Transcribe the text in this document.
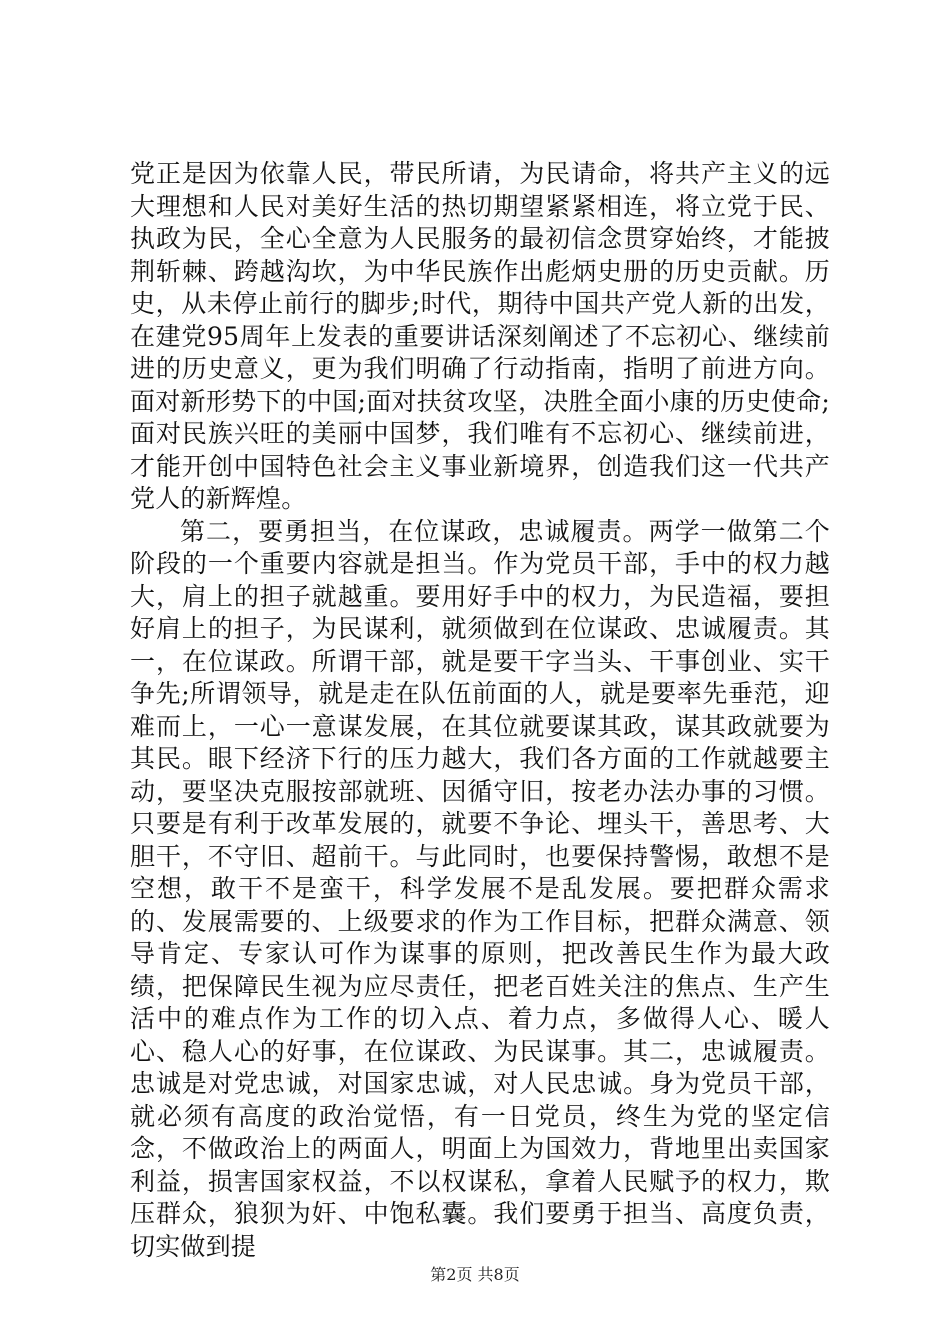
党正是因为依靠人民，带民所请，为民请命，将共产主义的远大理想和人民对美好生活的热切期望紧紧相连，将立党于民、执政为民，全心全意为人民服务的最初信念贯穿始终，才能披荆斩棘、跨越沟坎，为中华民族作出彪炳史册的历史贡献。历史，从未停止前行的脚步;时代，期待中国共产党人新的出发，在建党95周年上发表的重要讲话深刻阐述了不忘初心、继续前进的历史意义，更为我们明确了行动指南，指明了前进方向。面对新形势下的中国;面对扶贫攻坚，决胜全面小康的历史使命;面对民族兴旺的美丽中国梦，我们唯有不忘初心、继续前进，才能开创中国特色社会主义事业新境界，创造我们这一代共产党人的新辉煌。

第二，要勇担当，在位谋政，忠诚履责。两学一做第二个阶段的一个重要内容就是担当。作为党员干部，手中的权力越大，肩上的担子就越重。要用好手中的权力，为民造福，要担好肩上的担子，为民谋利，就须做到在位谋政、忠诚履责。其一，在位谋政。所谓干部，就是要干字当头、干事创业、实干争先;所谓领导，就是走在队伍前面的人，就是要率先垂范，迎难而上，一心一意谋发展，在其位就要谋其政，谋其政就要为其民。眼下经济下行的压力越大，我们各方面的工作就越要主动，要坚决克服按部就班、因循守旧，按老办法办事的习惯。只要是有利于改革发展的，就要不争论、埋头干，善思考、大胆干，不守旧、超前干。与此同时，也要保持警惕，敢想不是空想，敢干不是蛮干，科学发展不是乱发展。要把群众需求的、发展需要的、上级要求的作为工作目标，把群众满意、领导肯定、专家认可作为谋事的原则，把改善民生作为最大政绩，把保障民生视为应尽责任，把老百姓关注的焦点、生产生活中的难点作为工作的切入点、着力点，多做得人心、暖人心、稳人心的好事，在位谋政、为民谋事。其二，忠诚履责。忠诚是对党忠诚，对国家忠诚，对人民忠诚。身为党员干部，就必须有高度的政治觉悟，有一日党员，终生为党的坚定信念，不做政治上的两面人，明面上为国效力，背地里出卖国家利益，损害国家权益，不以权谋私，拿着人民赋予的权力，欺压群众，狼狈为奸、中饱私囊。我们要勇于担当、高度负责，切实做到提

第2页 共8页
